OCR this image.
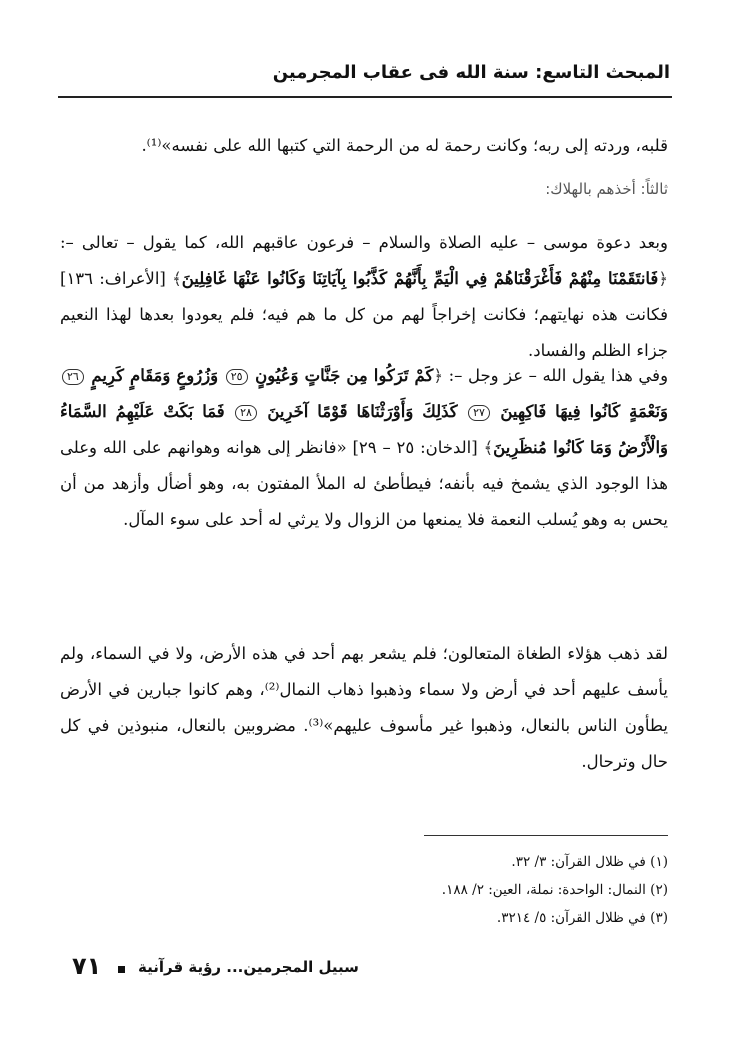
المبحث التاسع: سنة الله فى عقاب المجرمين

قلبه، وردته إلى ربه؛ وكانت رحمة له من الرحمة التي كتبها الله على نفسه»⁽¹⁾.

ثالثاً: أخذهم بالهلاك:

وبعد دعوة موسى – عليه الصلاة والسلام – فرعون عاقبهم الله، كما يقول – تعالى –: ﴿فَانتَقَمْنَا مِنْهُمْ فَأَغْرَقْنَاهُمْ فِي الْيَمِّ بِأَنَّهُمْ كَذَّبُوا بِآيَاتِنَا وَكَانُوا عَنْهَا غَافِلِينَ﴾ [الأعراف: ١٣٦] فكانت هذه نهايتهم؛ فكانت إخراجاً لهم من كل ما هم فيه؛ فلم يعودوا بعدها لهذا النعيم جزاء الظلم والفساد.

وفي هذا يقول الله – عز وجل –: ﴿كَمْ تَرَكُوا مِن جَنَّاتٍ وَعُيُونٍ ٢٥ وَزُرُوعٍ وَمَقَامٍ كَرِيمٍ ٢٦ وَنَعْمَةٍ كَانُوا فِيهَا فَاكِهِينَ ٢٧ كَذَلِكَ وَأَوْرَثْنَاهَا قَوْمًا آخَرِينَ ٢٨ فَمَا بَكَتْ عَلَيْهِمُ السَّمَاءُ وَالْأَرْضُ وَمَا كَانُوا مُنظَرِينَ﴾ [الدخان: ٢٥ – ٢٩] «فانظر إلى هوانه وهوانهم على الله وعلى هذا الوجود الذي يشمخ فيه بأنفه؛ فيطأطئ له الملأ المفتون به، وهو أضأل وأزهد من أن يحس به وهو يُسلب النعمة فلا يمنعها من الزوال ولا يرثي له أحد على سوء المآل.

لقد ذهب هؤلاء الطغاة المتعالون؛ فلم يشعر بهم أحد في هذه الأرض، ولا في السماء، ولم يأسف عليهم أحد في أرض ولا سماء وذهبوا ذهاب النمال⁽²⁾، وهم كانوا جبارين في الأرض يطأون الناس بالنعال، وذهبوا غير مأسوف عليهم»⁽³⁾. مضروبين بالنعال، منبوذين في كل حال وترحال.

(١) في ظلال القرآن: ٣/ ٣٢.
(٢) النمال: الواحدة: نملة، العين: ٢/ ١٨٨.
(٣) في ظلال القرآن: ٥/ ٣٢١٤.
سبيل المجرمين... رؤية قرآنية
٧١
